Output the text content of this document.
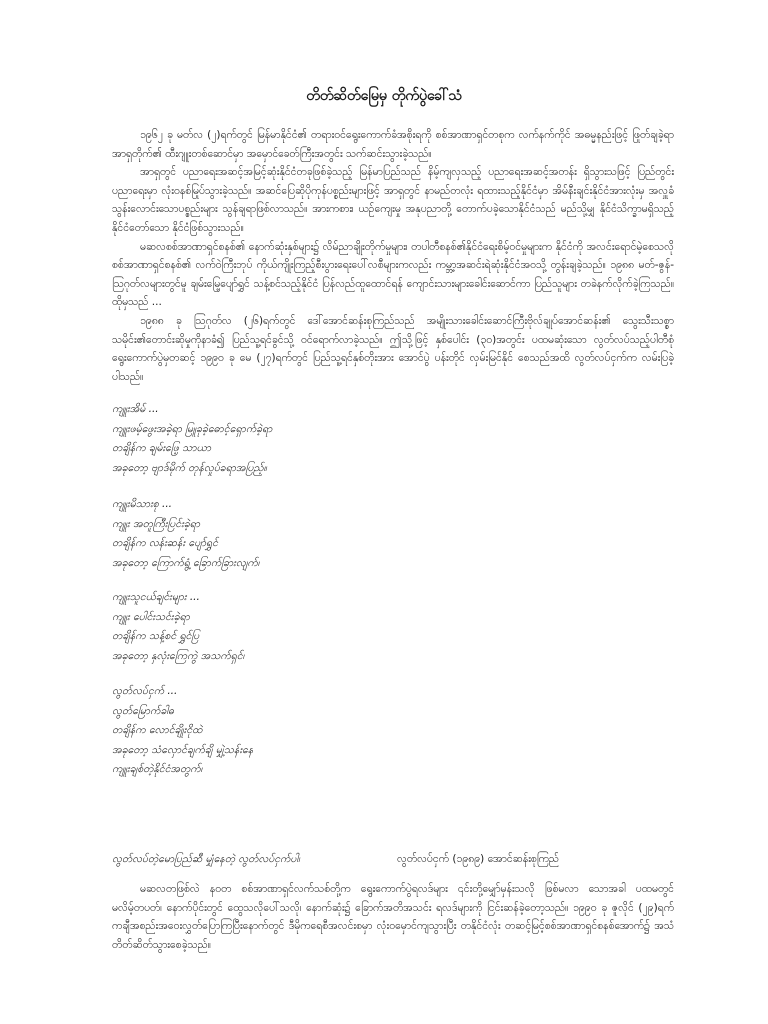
တိတ်ဆိတ်မြေမှ တိုက်ပွဲခေါ်သံ

၁၉၆၂ ခု မတ်လ (၂)ရက်တွင် မြန်မာနိုင်ငံ၏ တရားဝင်ရွေးကောက်ခံအစိုးရကို စစ်အာဏာရှင်တစုက လက်နက်ကိုင် အဓမ္မနည်းဖြင့် ဖြုတ်ချခဲ့ရာ အာရှတိုက်၏ ထီးဂျူးတစ်ဆောင်မှာ အမှောင်ခေတ်ကြီးအတွင်း သက်ဆင်းသွားခဲ့သည်။

အာရှတွင် ပညာရေးအဆင့်အမြင့်ဆုံးနိုင်ငံတခုဖြစ်ခဲ့သည့် မြန်မာပြည်သည် နိမ့်ကျလှသည့် ပညာရေးအဆင့်အတန်း ရှိသွားသဖြင့် ပြည်တွင်းပညာရေးမှာ လုံးဝနစ်မြုပ်သွားခဲ့သည်။ အဆင်ပြေဆိုပိုကုန်ပစ္စည်းများဖြင့် အာရှတွင် နာမည်တလုံး ရထားသည့်နိုင်ငံမှာ အိမ်နီးချင်းနိုင်ငံအားလုံးမှ အလှူခံသွန်းလောင်းသောပစ္စည်းများ သွန်ချရာဖြစ်လာသည်။ အားကစား၊ ယဉ်ကျေးမှု အနုပညာတို့ တောက်ပခဲ့သောနိုင်ငံသည် မည်သို့မျှ နိုင်ငံသိက္ခာမရှိသည့်နိုင်ငံတော်သော နိုင်ငံဖြစ်သွားသည်။

မဆလစစ်အာဏာရှင်စနစ်၏ နောက်ဆုံးနှစ်များ၌ လိမ်ညာချိုးတိုက်မှုများ၊ တပါတီစနစ်၏နိုင်ငံရေးစိမ့်ဝင်မှုများက နိုင်ငံကို အလင်းရောင်မဲ့စေသလို စစ်အာဏာရှင်စနစ်၏ လက်ဝဲကြီးဘုပ် ကိုယ်ကျိုးကြည့်စီးပွားရေးပေါ်လစီများကလည်း ကမ္ဘာ့အဆင်းရဲဆုံးနိုင်ငံအဝသို့ တွန်းချခဲ့သည်။ ၁၉၈၈ မတ်-ဇွန်-ဩဂုတ်လများတွင်မူ ချမ်းမြေ့ပျော်ရွှင် သန့်စင်သည့်နိုင်ငံ ပြန်လည်ထူထောင်ရန် ကျောင်းသားများခေါင်းဆောင်ကာ ပြည်သူများ တခဲနက်လိုက်ခဲ့ကြသည်။ ထိုမှသည် ...

၁၉၈၈ ခု ဩဂုတ်လ (၂၆)ရက်တွင် ဒေါ်အောင်ဆန်းစုကြည်သည် အမျိုးသားခေါင်းဆောင်ကြီးဗိုလ်ချုပ်အောင်ဆန်း၏ သွေးသီးသစ္စာ သမိုင်း၏တောင်းဆိုမှုကိုနာခံ၍ ပြည်သူ့ရင်ခွင်သို့ ဝင်ရောက်လာခဲ့သည်။ ဤသို့ဖြင့် နှစ်ပေါင်း (၃၀)အတွင်း ပထမဆုံးသော လွတ်လပ်သည့်ပါတီစုံရွေးကောက်ပွဲမှတဆင့် ၁၉၉၀ ခု မေ (၂၇)ရက်တွင် ပြည်သူ့ရင်နှစ်တိုးအား အောင်ပွဲ ပန်းတိုင် လှမ်းမြင်နိုင် စေသည်အထိ လွတ်လပ်ငှက်က လမ်းပြခဲ့ပါသည်။

ကျူးအိမ် ...
ကျူးဖမ့်ဖွေးအခဲ့ရာ မြူခုခဲ့ဓောင့်ရှောက်ခဲ့ရာ
တချိန်က ချမ်းဖြေ့ သာယာ
အခုတော့ ဗျာဒ်မိုက် တုန်လှုပ်ခရာအပြည့်။
ကျူးမိသားစု ...
ကျူး အတူကြီးပြင်းခဲ့ရာ
တချိန်က လန်းဆန်း ပျော်ရွှင်
အခုတော့ ကြောက်ရွံ့ ခြောက်ခြားလျက်၊
ကျူးသူငယ်ချင်းများ ...
ကျူး ပေါင်းသင်းခဲ့ရာ
တချိန်က သန့်စင် ရွှင်ပြ
အခုတော့ နှလုံးကြေကွဲ အသက်ရှင်၊
လွတ်လပ်ငှက် ...
လွတ်မြောက်ခါဓ
တချိန်က လောင်ချိုးငိုထဲ
အခုတော့ သံလှောင်ချက်ချိ မျှဲ့သန်းနေ
ကျူးချစ်တဲ့နိုင်ငံအတွက်၊
လွတ်လပ်တဲ့မောပြည်ဆီ မျှံနေတဲ့ လွတ်လပ်ငှက်ပါ၊	လွတ်လပ်ငှက် (၁၉၈၉) အောင်ဆန်းစုကြည်

မဆလတဖြစ်လဲ နဝတ စစ်အာဏာရှင်လက်သစ်တို့က ရွေးကောက်ပွဲရလဒ်များ ၎င်းတို့မျှော်မှန်းသလို ဖြစ်မလာ သောအခါ ပထမတွင် မလိမ့်တပတ်၊ နောက်ပိုင်းတွင် ထွေသလိုပေါ်သလို၊ နောက်ဆုံး၌ ခြောက်အတိအသင်း ရလဒ်များကို ငြင်းဆန်ခဲ့တော့သည်။ ၁၉၉၀ ခု ဇူလိုင် (၂၉)ရက် ကချီအစည်းအဝေးလွှတ်ပြောကြပြီးနောက်တွင် ဒီမိုကရေစီအလင်းစမှာ လုံးဝမှောင်ကျသွားပြီး တနိုင်ငံလုံး တဆင့်မြင့်စစ်အာဏာရှင်စနစ်အောက်၌ အသံတိတ်ဆိတ်သွားစေခဲ့သည်။
